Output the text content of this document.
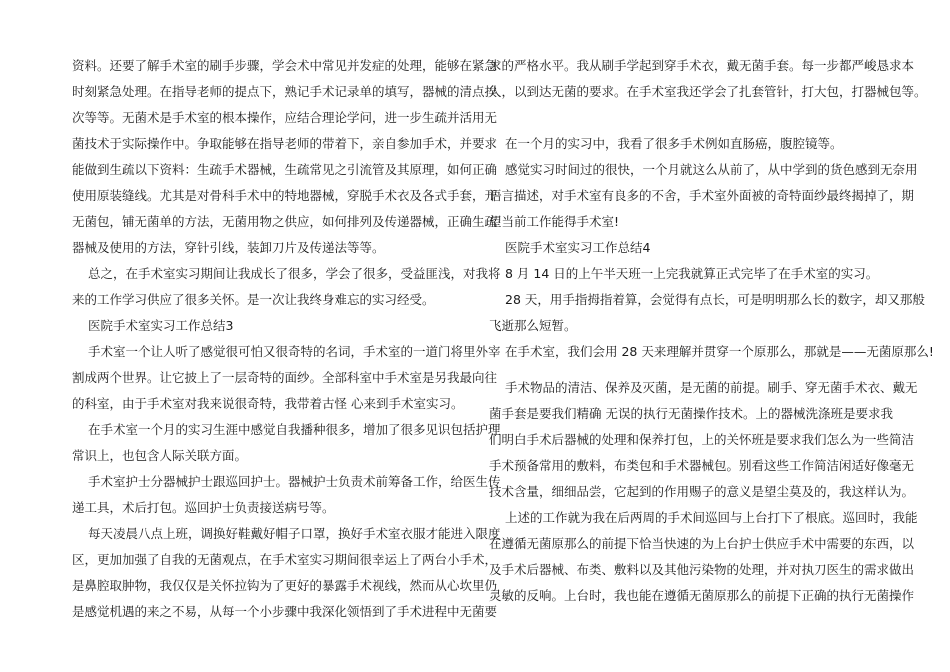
资料。还要了解手术室的刷手步骤，学会术中常见并发症的处理，能够在紧急
时刻紧急处理。在指导老师的提点下，熟记手术记录单的填写，器械的清点挨
次等等。无菌术是手术室的根本操作，应结合理论学问，进一步生疏并活用无
菌技术于实际操作中。争取能够在指导老师的带着下，亲自参加手术，并要求
能做到生疏以下资料：生疏手术器械，生疏常见之引流管及其原理，如何正确
使用原装缝线。尤其是对骨科手术中的特地器械，穿脱手术衣及各式手套，开
无菌包，铺无菌单的方法，无菌用物之供应，如何排列及传递器械，正确生疏
器械及使用的方法，穿针引线，装卸刀片及传递法等等。
总之，在手术室实习期间让我成长了很多，学会了很多，受益匪浅，对我将
来的工作学习供应了很多关怀。是一次让我终身难忘的实习经受。
医院手术室实习工作总结3
手术室一个让人听了感觉很可怕又很奇特的名词，手术室的一道门将里外宰
割成两个世界。让它披上了一层奇特的面纱。全部科室中手术室是另我最向往
的科室，由于手术室对我来说很奇特，我带着古怪 心来到手术室实习。
在手术室一个月的实习生涯中感觉自我播种很多，增加了很多见识包括护理
常识上，也包含人际关联方面。
手术室护士分器械护士跟巡回护士。器械护士负责术前筹备工作，给医生传
递工具，术后打包。巡回护士负责接送病号等。
每天凌晨八点上班，调换好鞋戴好帽子口罩，换好手术室衣服才能进入限度
区，更加加强了自我的无菌观点，在手术室实习期间很幸运上了两台小手术，
是鼻腔取肿物，我仅仅是关怀拉钩为了更好的暴露手术视线，然而从心坎里仍
是感觉机遇的来之不易，从每一个小步骤中我深化领悟到了手术进程中无菌要
求的严格水平。我从刷手学起到穿手术衣，戴无菌手套。每一步都严峻恳求本
人，以到达无菌的要求。在手术室我还学会了扎套管针，打大包，打器械包等。
在一个月的实习中，我看了很多手术例如直肠癌，腹腔镜等。
感觉实习时间过的很快，一个月就这么从前了，从中学到的货色感到无奈用
语言描述，对手术室有良多的不舍，手术室外面被的奇特面纱最终揭掉了，期
望当前工作能得手术室!
医院手术室实习工作总结4
8 月 14 日的上午半天班一上完我就算正式完毕了在手术室的实习。
28 天，用手指拇指着算，会觉得有点长，可是明明那么长的数字，却又那般
飞逝那么短暂。
在手术室，我们会用 28 天来理解并贯穿一个原那么，那就是——无菌原那么!
手术物品的清洁、保养及灭菌，是无菌的前提。刷手、穿无菌手术衣、戴无
菌手套是要我们精确 无误的执行无菌操作技术。上的器械洗涤班是要求我
们明白手术后器械的处理和保养打包，上的关怀班是要求我们怎么为一些简洁
手术预备常用的敷料，布类包和手术器械包。别看这些工作简洁闲适好像毫无
技术含量，细细品尝，它起到的作用赐子的意义是望尘莫及的，我这样认为。
上述的工作就为我在后两周的手术间巡回与上台打下了根底。巡回时，我能
在遵循无菌原那么的前提下恰当快速的为上台护士供应手术中需要的东西，以
及手术后器械、布类、敷料以及其他污染物的处理，并对执刀医生的需求做出
灵敏的反响。上台时，我也能在遵循无菌原那么的前提下正确的执行无菌操作
